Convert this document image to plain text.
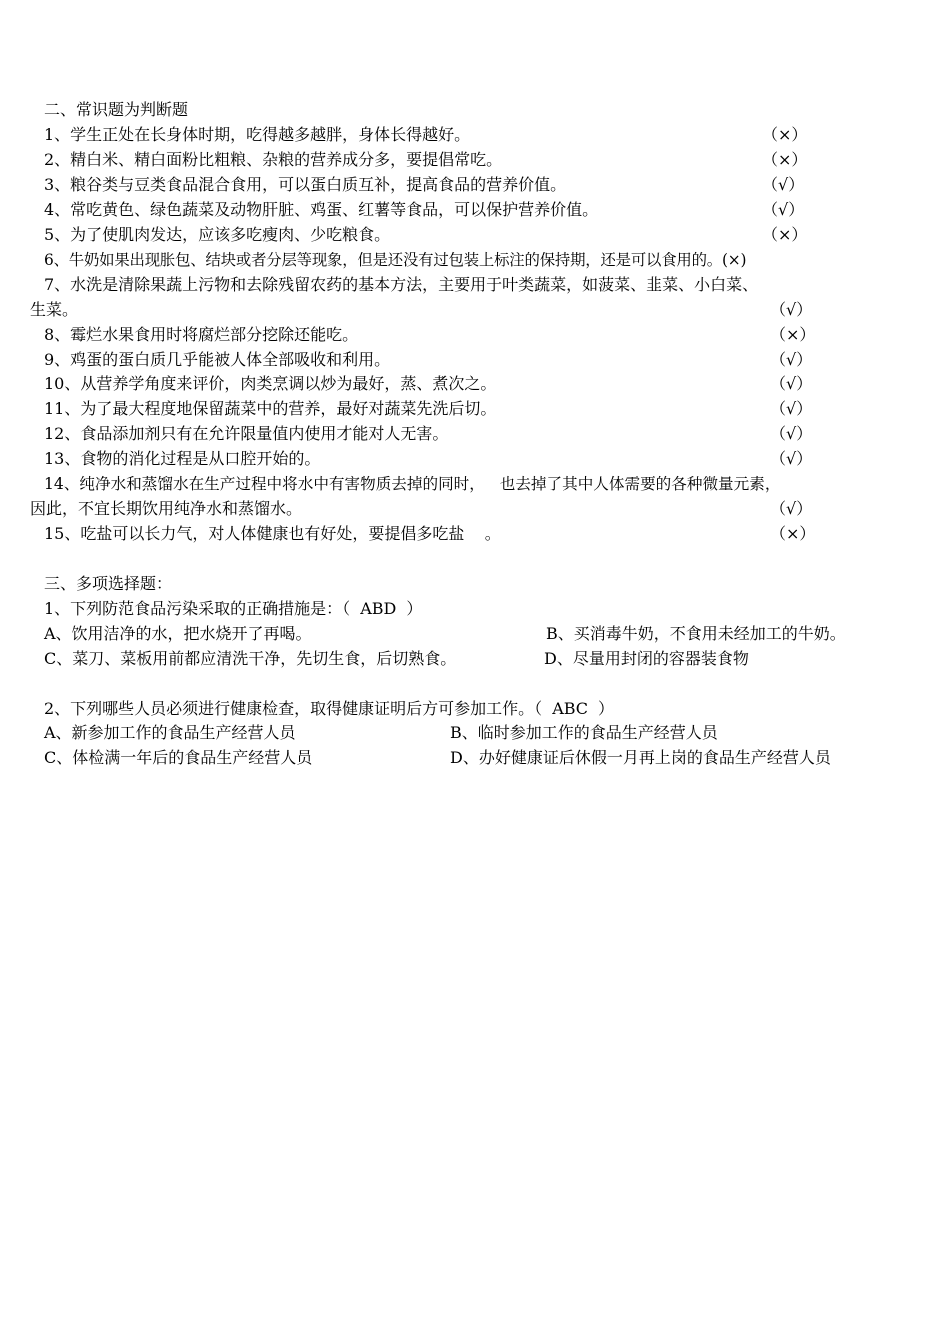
二、常识题为判断题
1、学生正处在长身体时期，吃得越多越胖，身体长得越好。	（×）
2、精白米、精白面粉比粗粮、杂粮的营养成分多，要提倡常吃。	（×）
3、粮谷类与豆类食品混合食用，可以蛋白质互补，提高食品的营养价值。	（√）
4、常吃黄色、绿色蔬菜及动物肝脏、鸡蛋、红薯等食品，可以保护营养价值。	（√）
5、为了使肌肉发达，应该多吃瘦肉、少吃粮食。	（×）
6、牛奶如果出现胀包、结块或者分层等现象，但是还没有过包装上标注的保持期，还是可以食用的。(×)
7、水洗是清除果蔬上污物和去除残留农药的基本方法，主要用于叶类蔬菜，如菠菜、韭菜、小白菜、
生菜。	（√）
8、霉烂水果食用时将腐烂部分挖除还能吃。	（×）
9、鸡蛋的蛋白质几乎能被人体全部吸收和利用。	（√）
10、从营养学角度来评价，肉类烹调以炒为最好，蒸、煮次之。	（√）
11、为了最大程度地保留蔬菜中的营养，最好对蔬菜先洗后切。	（√）
12、食品添加剂只有在允许限量值内使用才能对人无害。	（√）
13、食物的消化过程是从口腔开始的。	（√）
14、纯净水和蒸馏水在生产过程中将水中有害物质去掉的同时，   也去掉了其中人体需要的各种微量元素，
因此，不宜长期饮用纯净水和蒸馏水。	（√）
15、吃盐可以长力气，对人体健康也有好处，要提倡多吃盐    。	（×）
三、多项选择题：
1、下列防范食品污染采取的正确措施是：（ ABD ）
A、饮用洁净的水，把水烧开了再喝。	B、买消毒牛奶，不食用未经加工的牛奶。
C、菜刀、菜板用前都应清洗干净，先切生食，后切熟食。	D、尽量用封闭的容器装食物
2、下列哪些人员必须进行健康检查，取得健康证明后方可参加工作。（ ABC ）
A、新参加工作的食品生产经营人员	B、临时参加工作的食品生产经营人员
C、体检满一年后的食品生产经营人员	D、办好健康证后休假一月再上岗的食品生产经营人员
